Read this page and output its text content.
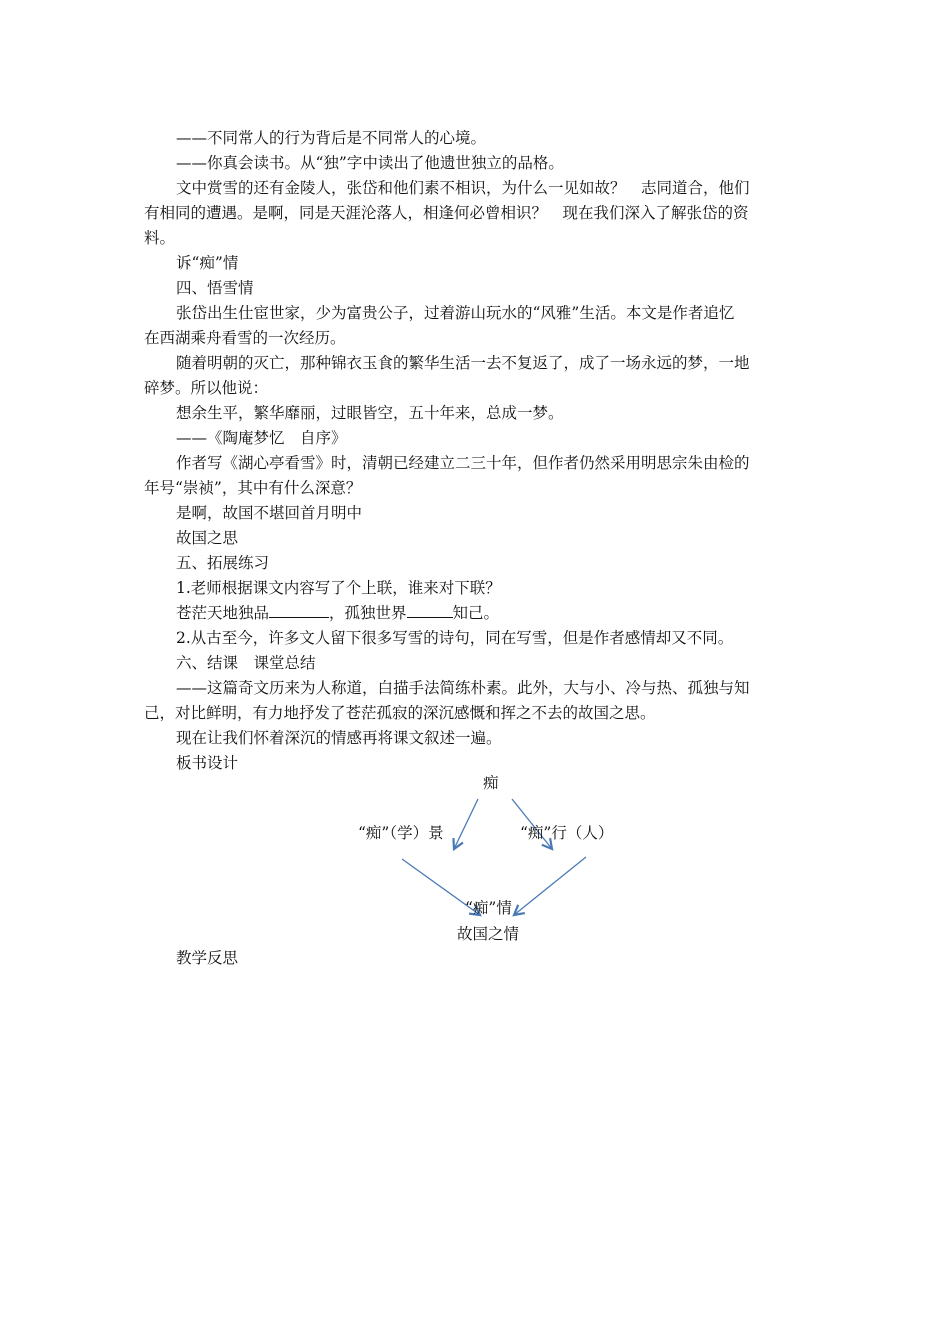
——不同常人的行为背后是不同常人的心境。
——你真会读书。从“独”字中读出了他遗世独立的品格。
文中赏雪的还有金陵人，张岱和他们素不相识，为什么一见如故？　志同道合，他们
有相同的遭遇。是啊，同是天涯沦落人，相逢何必曾相识？　现在我们深入了解张岱的资
料。
诉“痴”情
四、悟雪情
张岱出生仕宦世家，少为富贵公子，过着游山玩水的“风雅”生活。本文是作者追忆
在西湖乘舟看雪的一次经历。
随着明朝的灭亡，那种锦衣玉食的繁华生活一去不复返了，成了一场永远的梦，一地
碎梦。所以他说：
想余生平，繁华靡丽，过眼皆空，五十年来，总成一梦。
——《陶庵梦忆　自序》
作者写《湖心亭看雪》时，清朝已经建立二三十年，但作者仍然采用明思宗朱由检的
年号“崇祯”，其中有什么深意？
是啊，故国不堪回首月明中
故国之思
五、拓展练习
1.老师根据课文内容写了个上联，谁来对下联？
苍茫天地独品	，孤独世界	知己。
2.从古至今，许多文人留下很多写雪的诗句，同在写雪，但是作者感情却又不同。
六、结课　课堂总结
——这篇奇文历来为人称道，白描手法简练朴素。此外，大与小、冷与热、孤独与知
己，对比鲜明，有力地抒发了苍茫孤寂的深沉感慨和挥之不去的故国之思。
现在让我们怀着深沉的情感再将课文叙述一遍。
板书设计
痴
“痴”（学）景	“痴”行（人）
“痴”情
故国之情
教学反思
